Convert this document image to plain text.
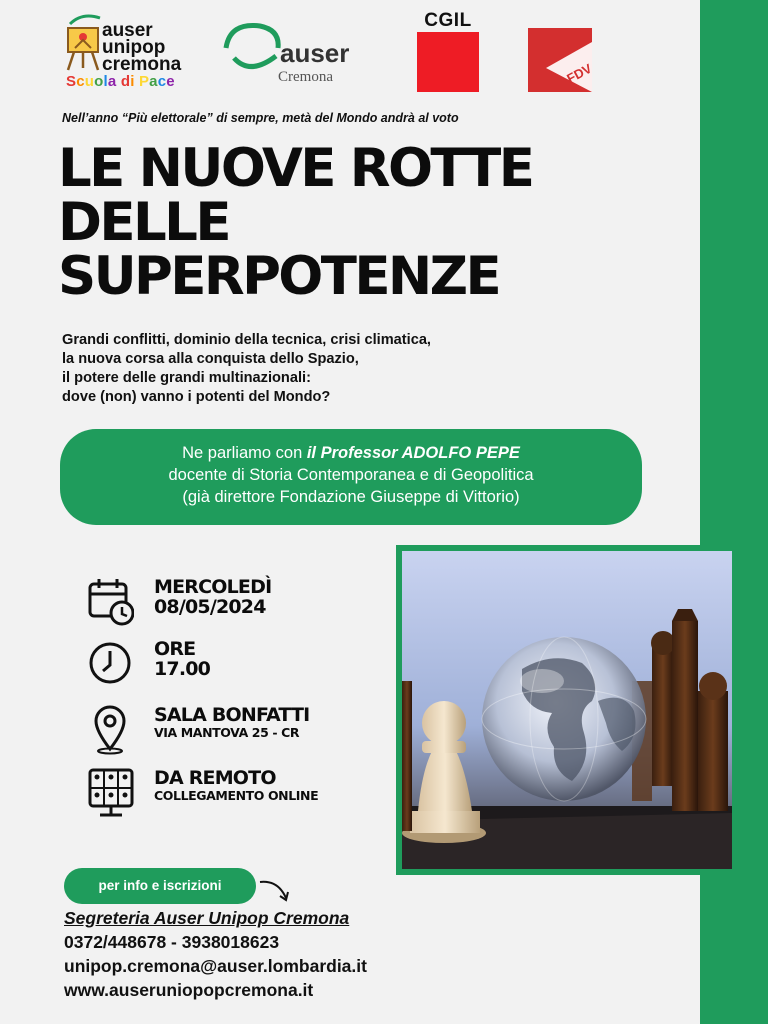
auser
unipop
cremona
Scuola di Pace
auser
Cremona
CGIL
FDV
Nell’anno “Più elettorale” di sempre, metà del Mondo andrà al voto
LE NUOVE ROTTE
DELLE
SUPERPOTENZE
Grandi conflitti, dominio della tecnica, crisi climatica,
la nuova corsa alla conquista dello Spazio,
il potere delle grandi multinazionali:
dove (non) vanno i potenti del Mondo?
Ne parliamo con il Professor ADOLFO PEPE
docente di Storia Contemporanea e di Geopolitica
(già direttore Fondazione Giuseppe di Vittorio)
MERCOLEDÌ
08/05/2024
ORE
17.00
SALA BONFATTI
VIA MANTOVA 25 - CR
DA REMOTO
COLLEGAMENTO ONLINE
per info e iscrizioni
Segreteria Auser Unipop Cremona
0372/448678 - 3938018623
unipop.cremona@auser.lombardia.it
www.auseruniopopcremona.it
